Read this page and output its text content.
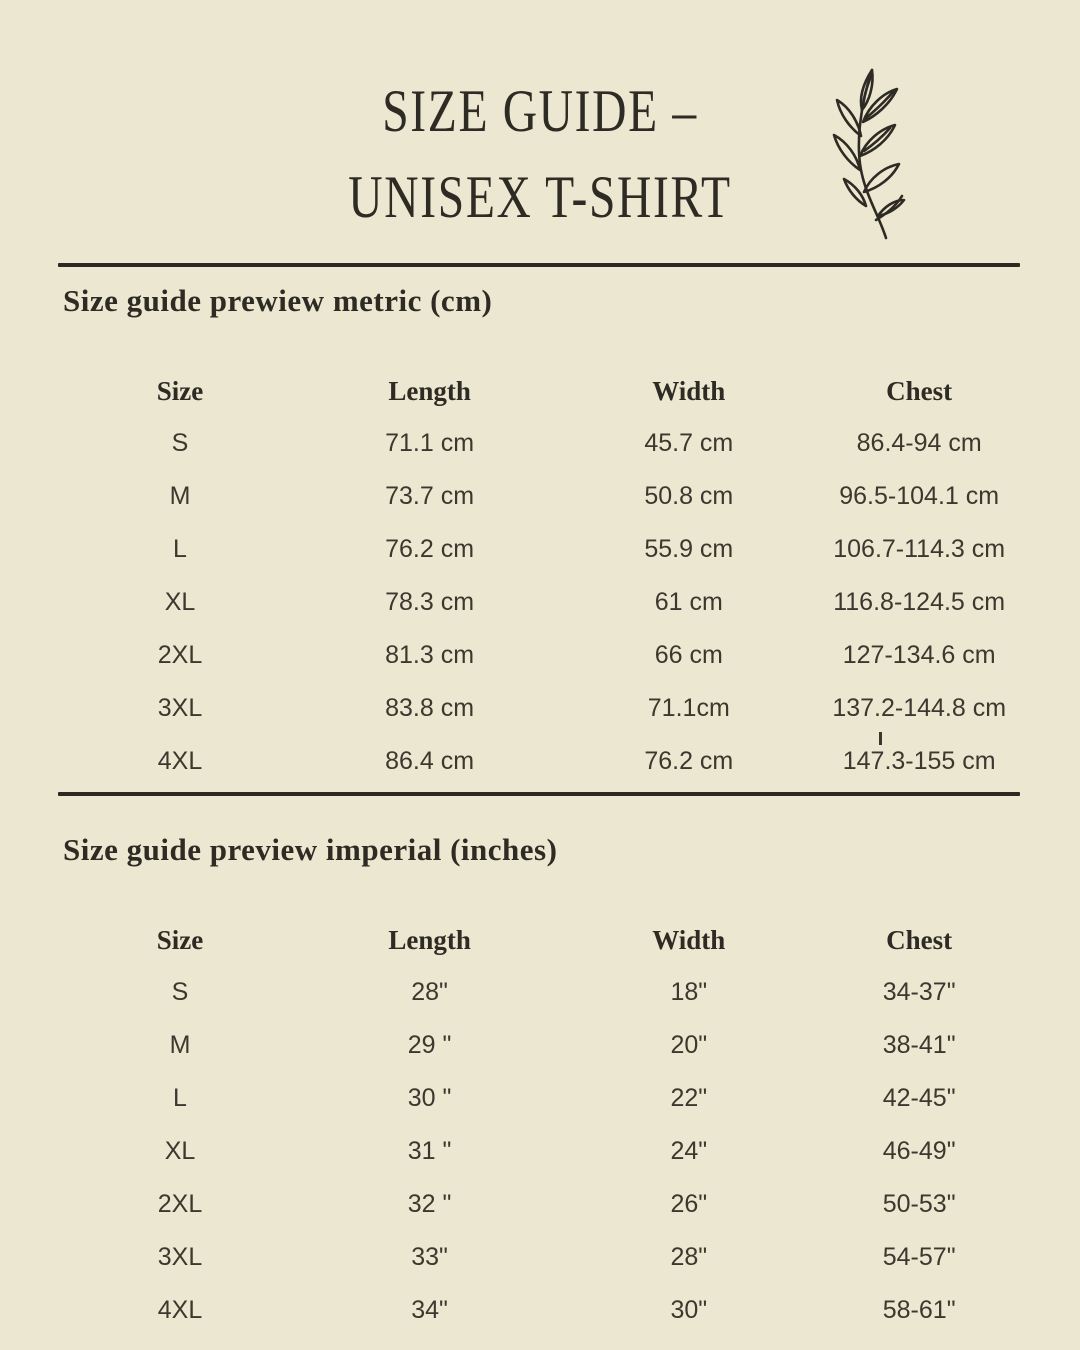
SIZE GUIDE –
UNISEX T-SHIRT
Size guide prewiew metric (cm)
Size	Length	Width	Chest
S	71.1 cm	45.7 cm	86.4-94 cm
M	73.7 cm	50.8 cm	96.5-104.1 cm
L	76.2 cm	55.9 cm	106.7-114.3 cm
XL	78.3 cm	61 cm	116.8-124.5 cm
2XL	81.3 cm	66 cm	127-134.6 cm
3XL	83.8 cm	71.1cm	137.2-144.8 cm
4XL	86.4 cm	76.2 cm	147.3-155 cm
Size guide preview imperial (inches)
Size	Length	Width	Chest
S	28"	18"	34-37"
M	29 "	20"	38-41"
L	30 "	22"	42-45"
XL	31 "	24"	46-49"
2XL	32 "	26"	50-53"
3XL	33"	28"	54-57"
4XL	34"	30"	58-61"
